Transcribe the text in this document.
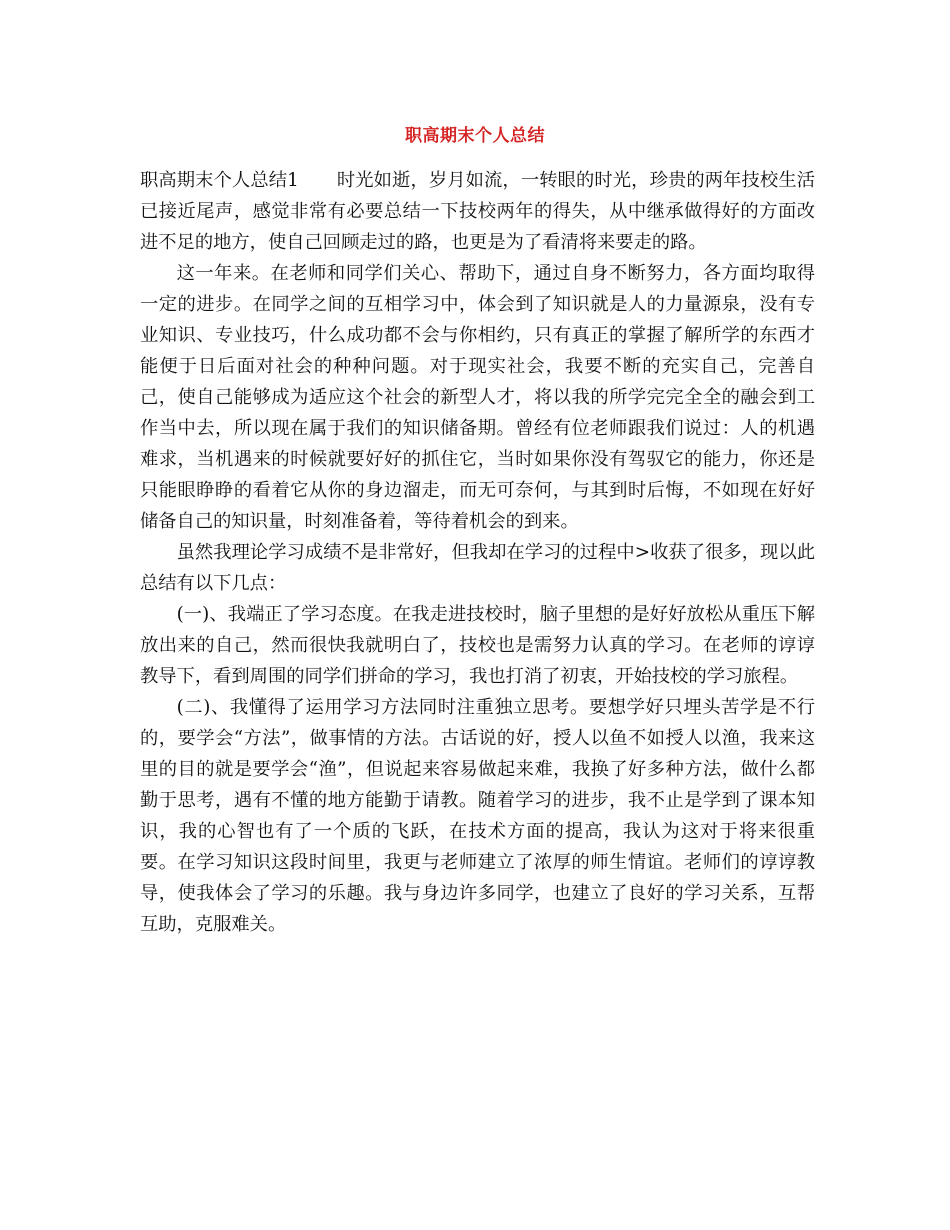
职高期末个人总结

职高期末个人总结1 时光如逝，岁月如流，一转眼的时光，珍贵的两年技校生活已接近尾声，感觉非常有必要总结一下技校两年的得失，从中继承做得好的方面改进不足的地方，使自己回顾走过的路，也更是为了看清将来要走的路。

这一年来。在老师和同学们关心、帮助下，通过自身不断努力，各方面均取得一定的进步。在同学之间的互相学习中，体会到了知识就是人的力量源泉，没有专业知识、专业技巧，什么成功都不会与你相约，只有真正的掌握了解所学的东西才能便于日后面对社会的种种问题。对于现实社会，我要不断的充实自己，完善自己，使自己能够成为适应这个社会的新型人才，将以我的所学完完全全的融会到工作当中去，所以现在属于我们的知识储备期。曾经有位老师跟我们说过：人的机遇难求，当机遇来的时候就要好好的抓住它，当时如果你没有驾驭它的能力，你还是只能眼睁睁的看着它从你的身边溜走，而无可奈何，与其到时后悔，不如现在好好储备自己的知识量，时刻准备着，等待着机会的到来。

虽然我理论学习成绩不是非常好，但我却在学习的过程中>收获了很多，现以此总结有以下几点：

(一)、我端正了学习态度。在我走进技校时，脑子里想的是好好放松从重压下解放出来的自己，然而很快我就明白了，技校也是需努力认真的学习。在老师的谆谆教导下，看到周围的同学们拼命的学习，我也打消了初衷，开始技校的学习旅程。

(二)、我懂得了运用学习方法同时注重独立思考。要想学好只埋头苦学是不行的，要学会“方法”，做事情的方法。古话说的好，授人以鱼不如授人以渔，我来这里的目的就是要学会“渔”，但说起来容易做起来难，我换了好多种方法，做什么都勤于思考，遇有不懂的地方能勤于请教。随着学习的进步，我不止是学到了课本知识，我的心智也有了一个质的飞跃，在技术方面的提高，我认为这对于将来很重要。在学习知识这段时间里，我更与老师建立了浓厚的师生情谊。老师们的谆谆教导，使我体会了学习的乐趣。我与身边许多同学，也建立了良好的学习关系，互帮互助，克服难关。
